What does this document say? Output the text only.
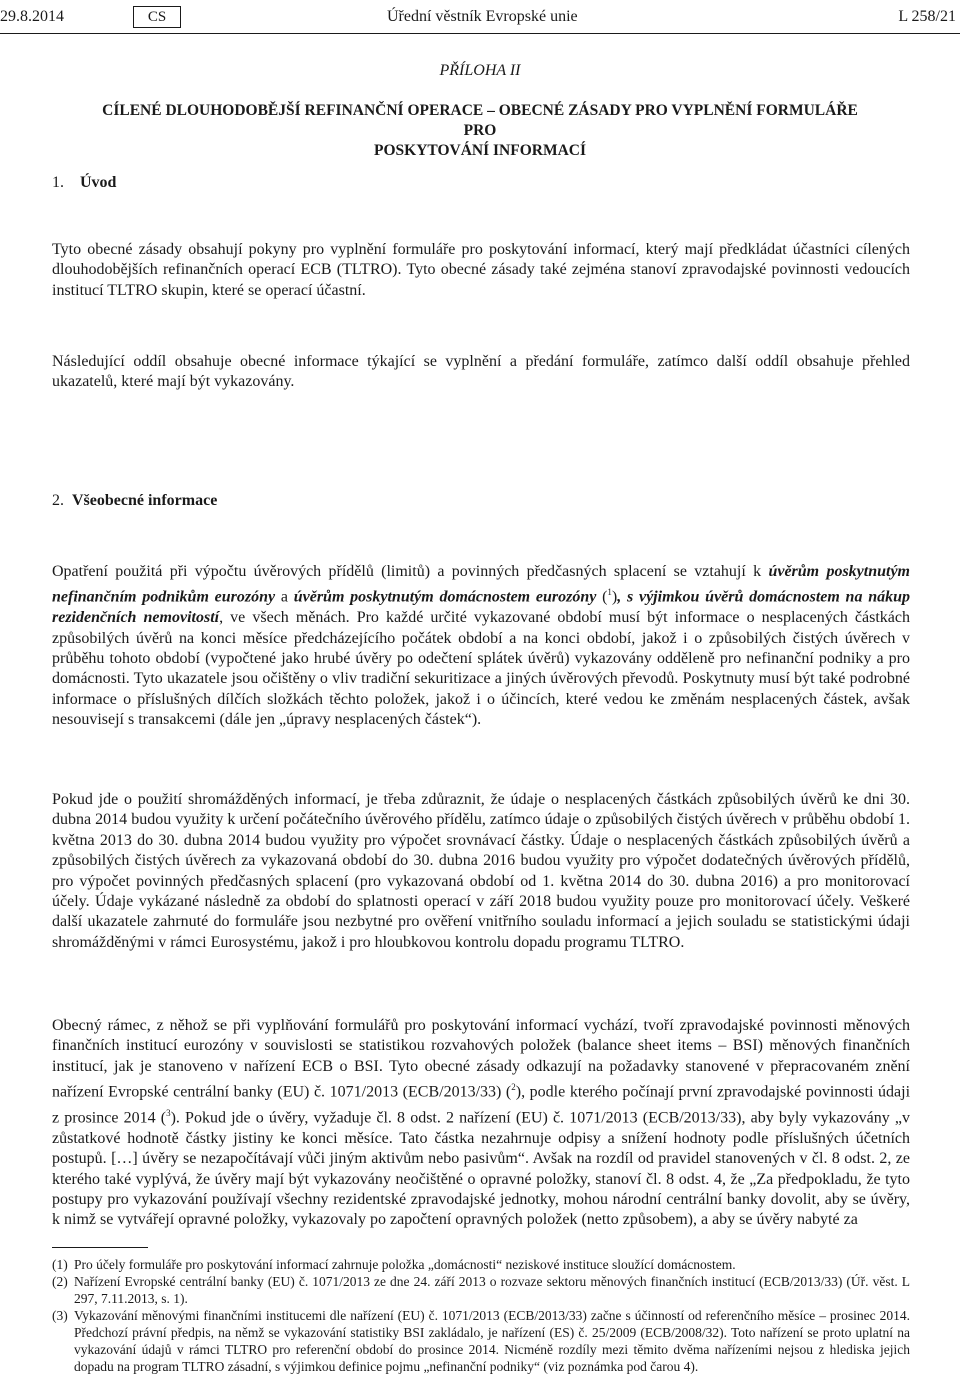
29.8.2014	CS	Úřední věstník Evropské unie	L 258/21
PŘÍLOHA II
CÍLENÉ DLOUHODOBĚJŠÍ REFINANČNÍ OPERACE – OBECNÉ ZÁSADY PRO VYPLNĚNÍ FORMULÁŘE PRO
POSKYTOVÁNÍ INFORMACÍ
1. Úvod
Tyto obecné zásady obsahují pokyny pro vyplnění formuláře pro poskytování informací, který mají předkládat účastníci cílených dlouhodobějších refinančních operací ECB (TLTRO). Tyto obecné zásady také zejména stanoví zpravodajské povinnosti vedoucích institucí TLTRO skupin, které se operací účastní.
Následující oddíl obsahuje obecné informace týkající se vyplnění a předání formuláře, zatímco další oddíl obsahuje přehled ukazatelů, které mají být vykazovány.
2. Všeobecné informace
Opatření použitá při výpočtu úvěrových přídělů (limitů) a povinných předčasných splacení se vztahují k úvěrům poskytnutým nefinančním podnikům eurozóny a úvěrům poskytnutým domácnostem eurozóny ($^1$), s výjimkou úvěrů domácnostem na nákup rezidenčních nemovitostí, ve všech měnách. Pro každé určité vykazované období musí být informace o nesplacených částkách způsobilých úvěrů na konci měsíce předcházejícího počátek období a na konci období, jakož i o způsobilých čistých úvěrech v průběhu tohoto období (vypočtené jako hrubé úvěry po odečtení splátek úvěrů) vykazovány odděleně pro nefinanční podniky a pro domácnosti. Tyto ukazatele jsou očištěny o vliv tradiční sekuritizace a jiných úvěrových převodů. Poskytnuty musí být také podrobné informace o příslušných dílčích složkách těchto položek, jakož i o účincích, které vedou ke změnám nesplacených částek, avšak nesouvisejí s transakcemi (dále jen „úpravy nesplacených částek“).
Pokud jde o použití shromážděných informací, je třeba zdůraznit, že údaje o nesplacených částkách způsobilých úvěrů ke dni 30. dubna 2014 budou využity k určení počátečního úvěrového přídělu, zatímco údaje o způsobilých čistých úvěrech v průběhu období 1. května 2013 do 30. dubna 2014 budou využity pro výpočet srovnávací částky. Údaje o nesplacených částkách způsobilých úvěrů a způsobilých čistých úvěrech za vykazovaná období do 30. dubna 2016 budou využity pro výpočet dodatečných úvěrových přídělů, pro výpočet povinných předčasných splacení (pro vykazovaná období od 1. května 2014 do 30. dubna 2016) a pro monitorovací účely. Údaje vykázané následně za období do splatnosti operací v září 2018 budou využity pouze pro monitorovací účely. Veškeré další ukazatele zahrnuté do formuláře jsou nezbytné pro ověření vnitřního souladu informací a jejich souladu se statistickými údaji shromážděnými v rámci Eurosystému, jakož i pro hloubkovou kontrolu dopadu programu TLTRO.
Obecný rámec, z něhož se při vyplňování formulářů pro poskytování informací vychází, tvoří zpravodajské povinnosti měnových finančních institucí eurozóny v souvislosti se statistikou rozvahových položek (balance sheet items – BSI) měnových finančních institucí, jak je stanoveno v nařízení ECB o BSI. Tyto obecné zásady odkazují na požadavky stanovené v přepracovaném znění nařízení Evropské centrální banky (EU) č. 1071/2013 (ECB/2013/33) ($^2$), podle kterého počínají první zpravodajské povinnosti údaji z prosince 2014 ($^3$). Pokud jde o úvěry, vyžaduje čl. 8 odst. 2 nařízení (EU) č. 1071/2013 (ECB/2013/33), aby byly vykazovány „v zůstatkové hodnotě částky jistiny ke konci měsíce. Tato částka nezahrnuje odpisy a snížení hodnoty podle příslušných účetních postupů. […] úvěry se nezapočítávají vůči jiným aktivům nebo pasivům“. Avšak na rozdíl od pravidel stanovených v čl. 8 odst. 2, ze kterého také vyplývá, že úvěry mají být vykazovány neočištěné o opravné položky, stanoví čl. 8 odst. 4, že „Za předpokladu, že tyto postupy pro vykazování používají všechny rezidentské zpravodajské jednotky, mohou národní centrální banky dovolit, aby se úvěry, k nimž se vytvářejí opravné položky, vykazovaly po započtení opravných položek (netto způsobem), a aby se úvěry nabyté za
(1) Pro účely formuláře pro poskytování informací zahrnuje položka „domácnosti“ neziskové instituce sloužící domácnostem.
(2) Nařízení Evropské centrální banky (EU) č. 1071/2013 ze dne 24. září 2013 o rozvaze sektoru měnových finančních institucí (ECB/2013/33) (Úř. věst. L 297, 7.11.2013, s. 1).
(3) Vykazování měnovými finančními institucemi dle nařízení (EU) č. 1071/2013 (ECB/2013/33) začne s účinností od referenčního měsíce – prosinec 2014. Předchozí právní předpis, na němž se vykazování statistiky BSI zakládalo, je nařízení (ES) č. 25/2009 (ECB/2008/32). Toto nařízení se proto uplatní na vykazování údajů v rámci TLTRO pro referenční období do prosince 2014. Nicméně rozdíly mezi těmito dvěma nařízeními nejsou z hlediska jejich dopadu na program TLTRO zásadní, s výjimkou definice pojmu „nefinanční podniky“ (viz poznámka pod čarou 4).
